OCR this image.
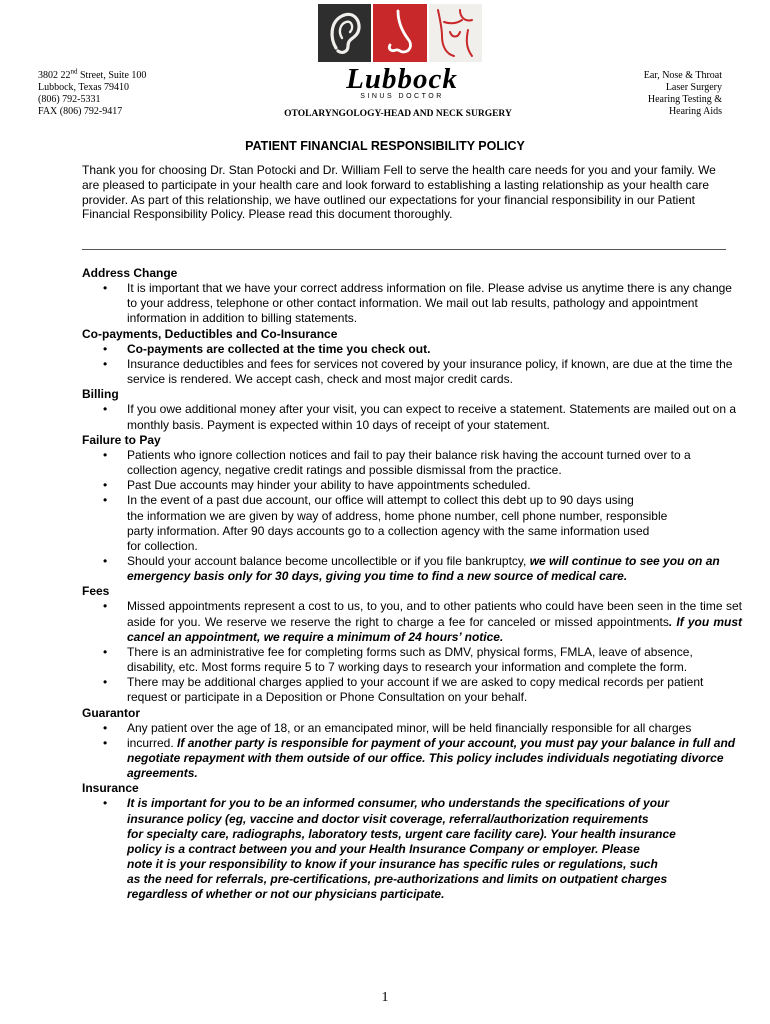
3802 22nd Street, Suite 100
Lubbock, Texas 79410
(806) 792-5331
FAX (806) 792-9417
Lubbock
SINUS DOCTOR
OTOLARYNGOLOGY-HEAD AND NECK SURGERY
Ear, Nose & Throat
Laser Surgery
Hearing Testing &
Hearing Aids
PATIENT FINANCIAL RESPONSIBILITY POLICY

Thank you for choosing Dr. Stan Potocki and Dr. William Fell to serve the health care needs for you and your family. We are pleased to participate in your health care and look forward to establishing a lasting relationship as your health care provider. As part of this relationship, we have outlined our expectations for your financial responsibility in our Patient Financial Responsibility Policy. Please read this document thoroughly.

Address Change
• It is important that we have your correct address information on file. Please advise us anytime there is any change to your address, telephone or other contact information. We mail out lab results, pathology and appointment information in addition to billing statements.
Co-payments, Deductibles and Co-Insurance
• Co-payments are collected at the time you check out.
• Insurance deductibles and fees for services not covered by your insurance policy, if known, are due at the time the service is rendered. We accept cash, check and most major credit cards.
Billing
• If you owe additional money after your visit, you can expect to receive a statement. Statements are mailed out on a monthly basis. Payment is expected within 10 days of receipt of your statement.
Failure to Pay
• Patients who ignore collection notices and fail to pay their balance risk having the account turned over to a collection agency, negative credit ratings and possible dismissal from the practice.
• Past Due accounts may hinder your ability to have appointments scheduled.
• In the event of a past due account, our office will attempt to collect this debt up to 90 days using
the information we are given by way of address, home phone number, cell phone number, responsible
party information. After 90 days accounts go to a collection agency with the same information used
for collection.
• Should your account balance become uncollectible or if you file bankruptcy, we will continue to see you on an emergency basis only for 30 days, giving you time to find a new source of medical care.
Fees
• Missed appointments represent a cost to us, to you, and to other patients who could have been seen in the time set aside for you. We reserve we reserve the right to charge a fee for canceled or missed appointments. If you must cancel an appointment, we require a minimum of 24 hours’ notice.
• There is an administrative fee for completing forms such as DMV, physical forms, FMLA, leave of absence, disability, etc. Most forms require 5 to 7 working days to research your information and complete the form.
• There may be additional charges applied to your account if we are asked to copy medical records per patient request or participate in a Deposition or Phone Consultation on your behalf.
Guarantor
• Any patient over the age of 18, or an emancipated minor, will be held financially responsible for all charges
• incurred. If another party is responsible for payment of your account, you must pay your balance in full and negotiate repayment with them outside of our office. This policy includes individuals negotiating divorce agreements.
Insurance
• It is important for you to be an informed consumer, who understands the specifications of your
insurance policy (eg, vaccine and doctor visit coverage, referral/authorization requirements
for specialty care, radiographs, laboratory tests, urgent care facility care). Your health insurance
policy is a contract between you and your Health Insurance Company or employer. Please
note it is your responsibility to know if your insurance has specific rules or regulations, such
as the need for referrals, pre-certifications, pre-authorizations and limits on outpatient charges
regardless of whether or not our physicians participate.
1
